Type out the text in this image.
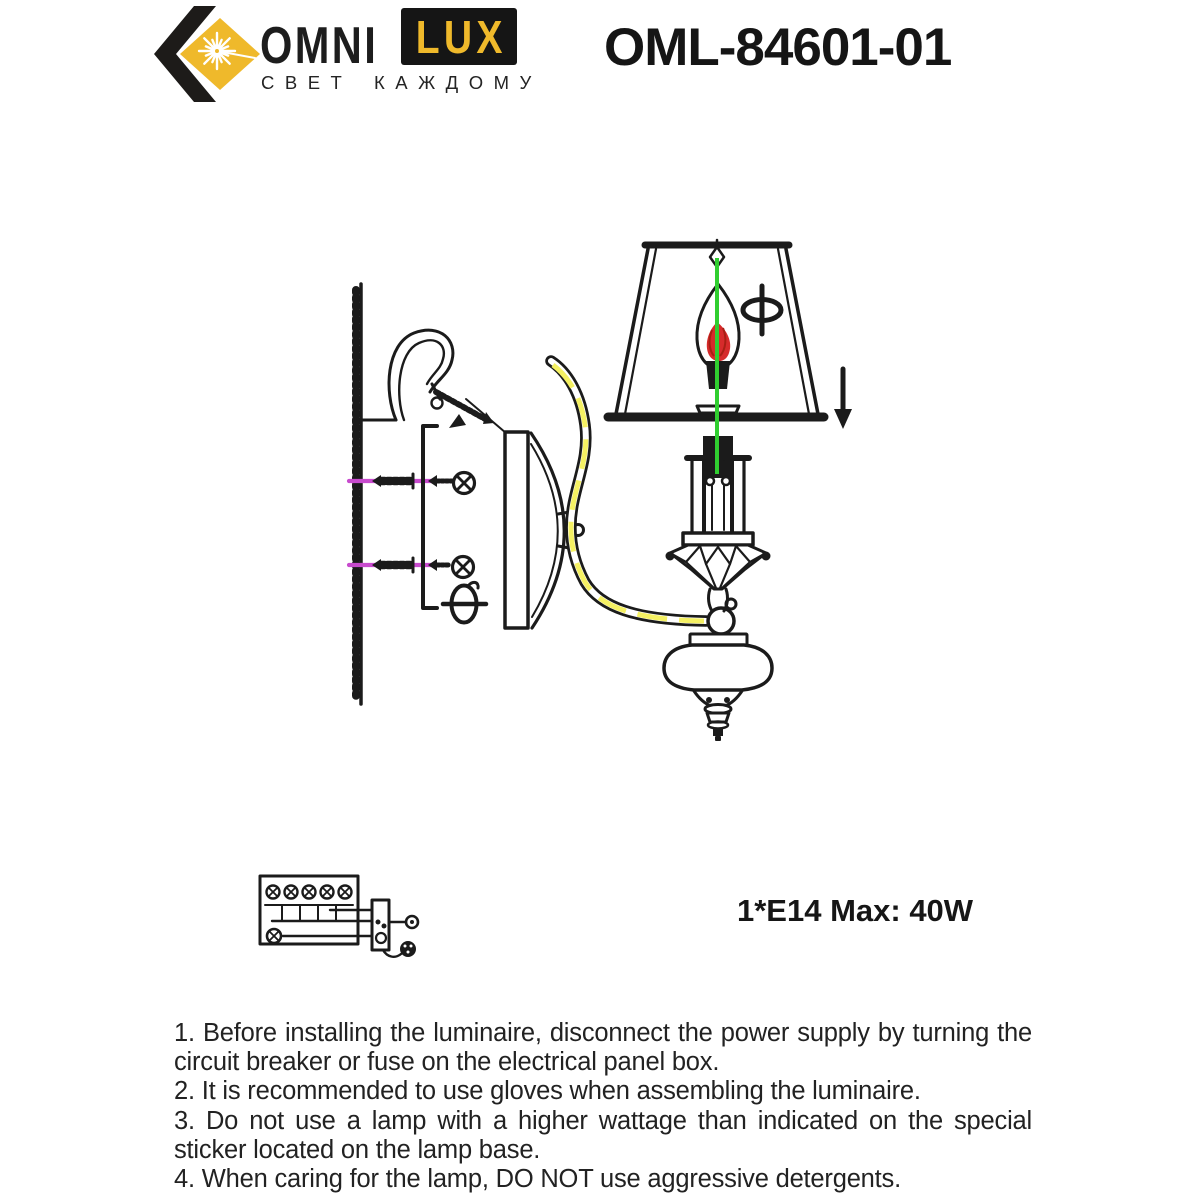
OMNI LUX
СВЕТ КАЖДОМУ
OML-84601-01
1*E14 Max: 40W

1. Before installing the luminaire, disconnect the power supply by turning the circuit breaker or fuse on the electrical panel box.

2. It is recommended to use gloves when assembling the luminaire.

3. Do not use a lamp with a higher wattage than indicated on the special sticker located on the lamp base.

4. When caring for the lamp, DO NOT use aggressive detergents.
